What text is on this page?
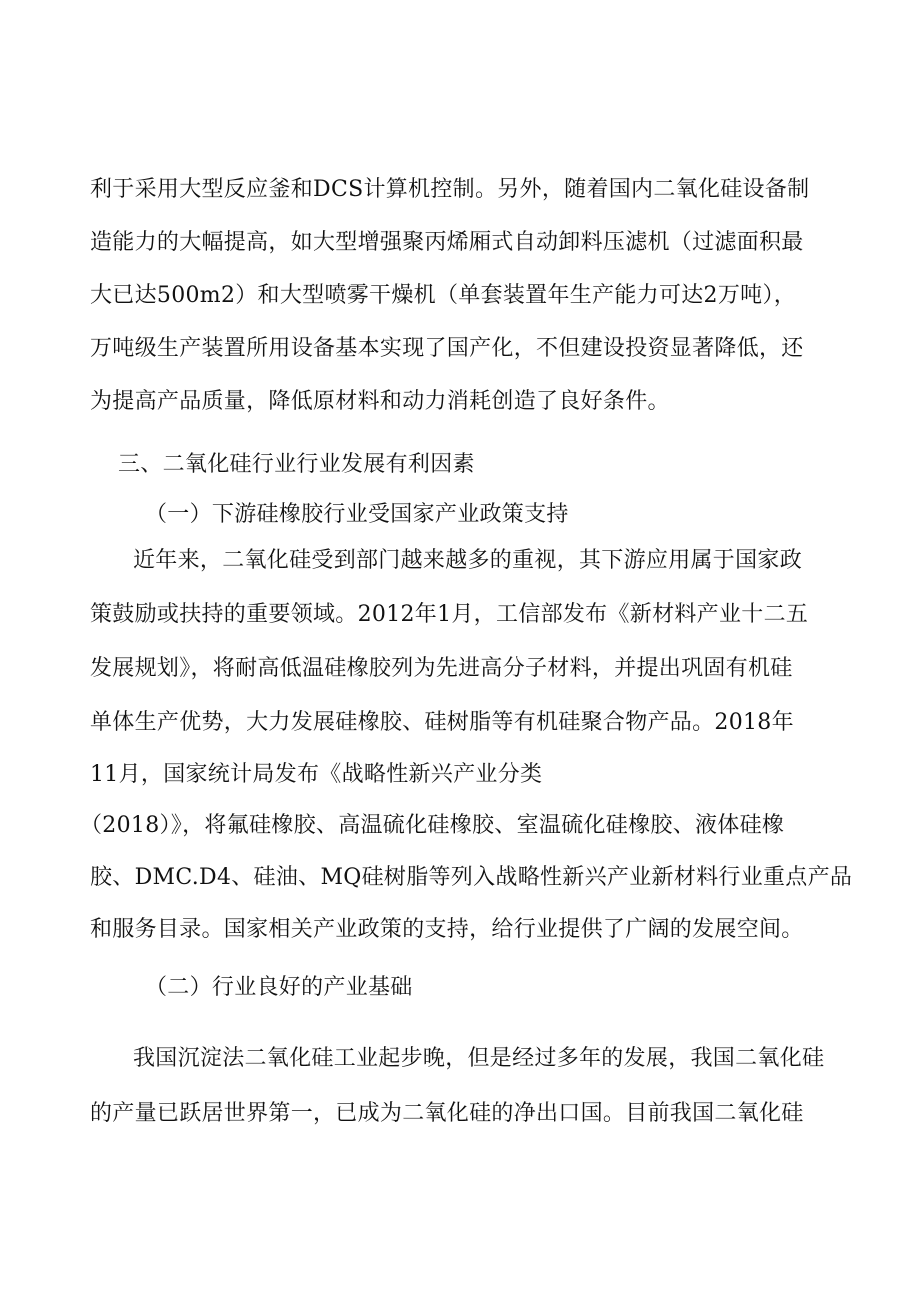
利于采用大型反应釜和DCS计算机控制。另外，随着国内二氧化硅设备制
造能力的大幅提高，如大型增强聚丙烯厢式自动卸料压滤机（过滤面积最
大已达500m2）和大型喷雾干燥机（单套装置年生产能力可达2万吨），
万吨级生产装置所用设备基本实现了国产化，不但建设投资显著降低，还
为提高产品质量，降低原材料和动力消耗创造了良好条件。
三、二氧化硅行业行业发展有利因素
（一）下游硅橡胶行业受国家产业政策支持
近年来，二氧化硅受到部门越来越多的重视，其下游应用属于国家政
策鼓励或扶持的重要领域。2012年1月，工信部发布《新材料产业十二五
发展规划》，将耐高低温硅橡胶列为先进高分子材料，并提出巩固有机硅
单体生产优势，大力发展硅橡胶、硅树脂等有机硅聚合物产品。2018年
11月，国家统计局发布《战略性新兴产业分类
（2018）》，将氟硅橡胶、高温硫化硅橡胶、室温硫化硅橡胶、液体硅橡
胶、DMC.D4、硅油、MQ硅树脂等列入战略性新兴产业新材料行业重点产品
和服务目录。国家相关产业政策的支持，给行业提供了广阔的发展空间。
（二）行业良好的产业基础
我国沉淀法二氧化硅工业起步晚，但是经过多年的发展，我国二氧化硅
的产量已跃居世界第一，已成为二氧化硅的净出口国。目前我国二氧化硅
